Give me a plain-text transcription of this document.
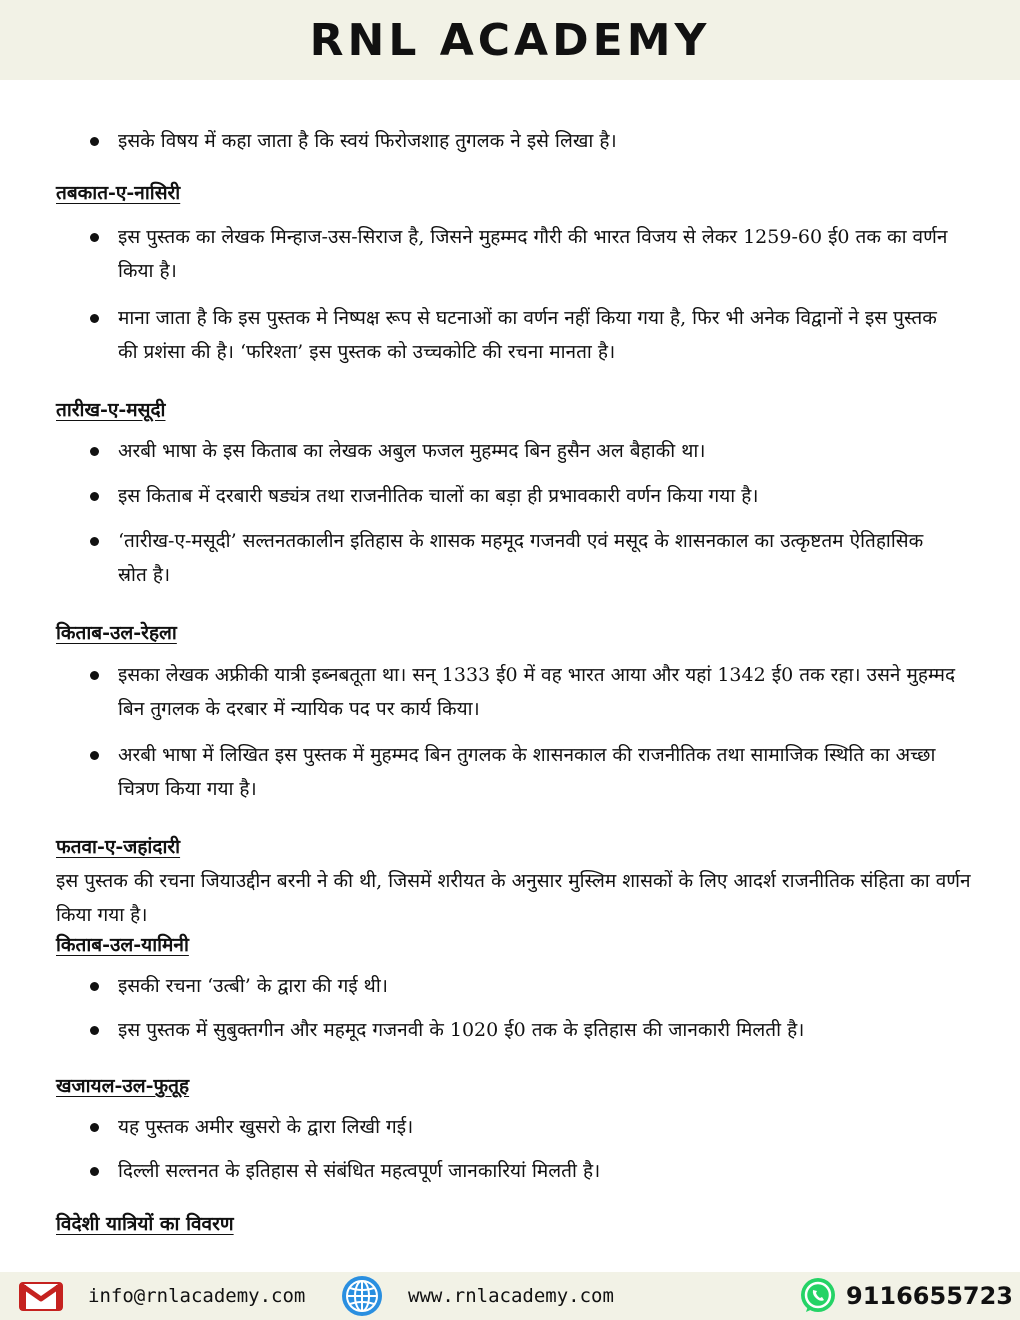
RNL ACADEMY
इसके विषय में कहा जाता है कि स्वयं फिरोजशाह तुगलक ने इसे लिखा है।
तबकात-ए-नासिरी
इस पुस्तक का लेखक मिन्हाज-उस-सिराज है, जिसने मुहम्मद गौरी की भारत विजय से लेकर 1259-60 ई0 तक का वर्णन किया है।
माना जाता है कि इस पुस्तक मे निष्पक्ष रूप से घटनाओं का वर्णन नहीं किया गया है, फिर भी अनेक विद्वानों ने इस पुस्तक की प्रशंसा की है। ‘फरिश्ता’ इस पुस्तक को उच्चकोटि की रचना मानता है।
तारीख-ए-मसूदी
अरबी भाषा के इस किताब का लेखक अबुल फजल मुहम्मद बिन हुसैन अल बैहाकी था।
इस किताब में दरबारी षड्यंत्र तथा राजनीतिक चालों का बड़ा ही प्रभावकारी वर्णन किया गया है।
‘तारीख-ए-मसूदी’ सल्तनतकालीन इतिहास के शासक महमूद गजनवी एवं मसूद के शासनकाल का उत्कृष्टतम ऐतिहासिक स्रोत है।
किताब-उल-रेहला
इसका लेखक अफ्रीकी यात्री इब्नबतूता था। सन् 1333 ई0 में वह भारत आया और यहां 1342 ई0 तक रहा। उसने मुहम्मद बिन तुगलक के दरबार में न्यायिक पद पर कार्य किया।
अरबी भाषा में लिखित इस पुस्तक में मुहम्मद बिन तुगलक के शासनकाल की राजनीतिक तथा सामाजिक स्थिति का अच्छा चित्रण किया गया है।
फतवा-ए-जहांदारी
इस पुस्तक की रचना जियाउद्दीन बरनी ने की थी, जिसमें शरीयत के अनुसार मुस्लिम शासकों के लिए आदर्श राजनीतिक संहिता का वर्णन किया गया है।
किताब-उल-यामिनी
इसकी रचना ‘उत्बी’ के द्वारा की गई थी।
इस पुस्तक में सुबुक्तगीन और महमूद गजनवी के 1020 ई0 तक के इतिहास की जानकारी मिलती है।
खजायल-उल-फुतूह
यह पुस्तक अमीर खुसरो के द्वारा लिखी गई।
दिल्ली सल्तनत के इतिहास से संबंधित महत्वपूर्ण जानकारियां मिलती है।
विदेशी यात्रियों का विवरण
info@rnlacademy.com	www.rnlacademy.com	9116655723
